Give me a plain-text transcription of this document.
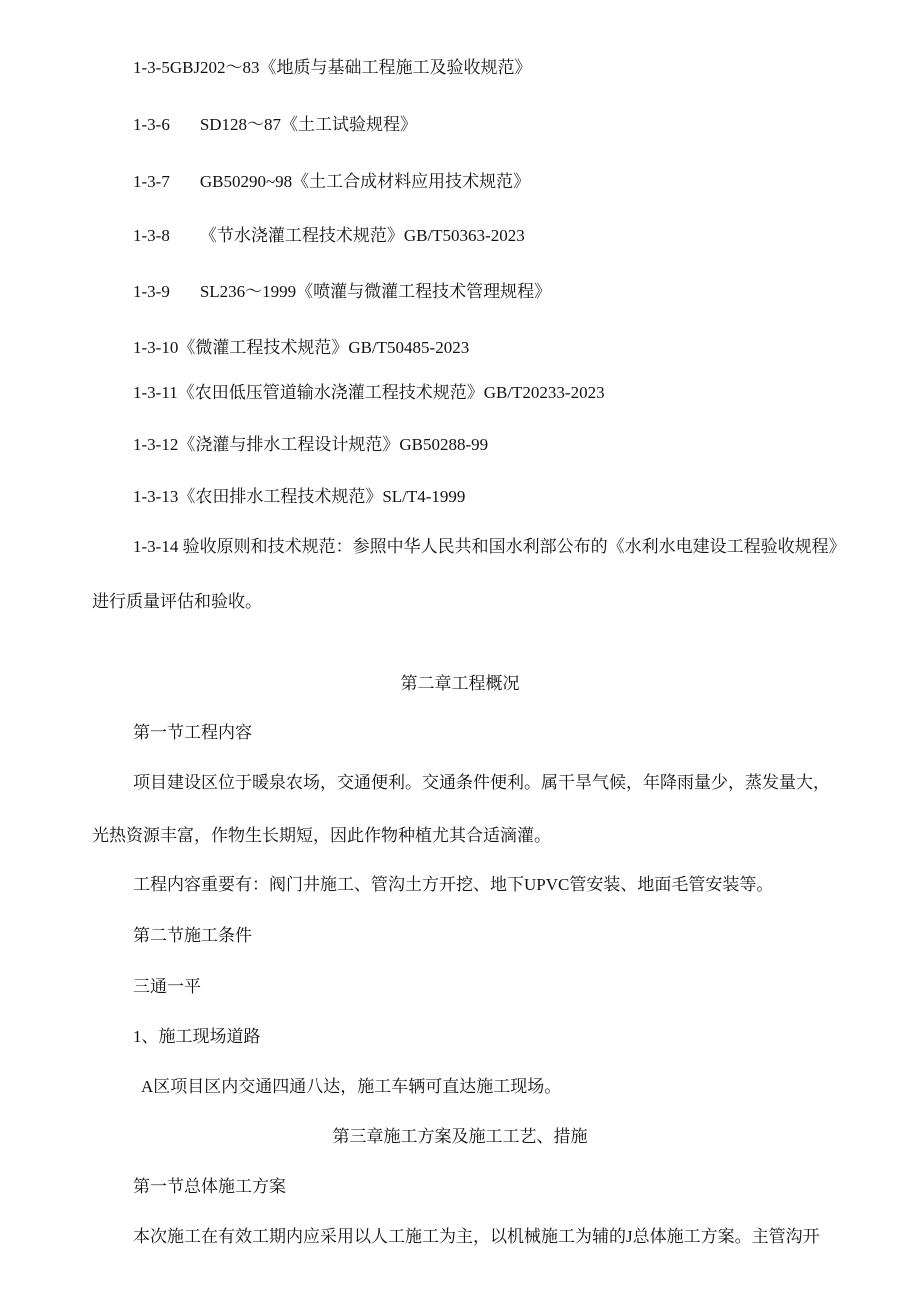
1-3-5GBJ202～83《地质与基础工程施工及验收规范》
1-3-6 SD128～87《土工试验规程》
1-3-7 GB50290~98《土工合成材料应用技术规范》
1-3-8 《节水浇灌工程技术规范》GB/T50363-2023
1-3-9 SL236～1999《喷灌与微灌工程技术管理规程》
1-3-10《微灌工程技术规范》GB/T50485-2023
1-3-11《农田低压管道输水浇灌工程技术规范》GB/T20233-2023
1-3-12《浇灌与排水工程设计规范》GB50288-99
1-3-13《农田排水工程技术规范》SL/T4-1999
1-3-14 验收原则和技术规范：参照中华人民共和国水利部公布的《水利水电建设工程验收规程》
进行质量评估和验收。
第二章工程概况
第一节工程内容
项目建设区位于暖泉农场，交通便利。交通条件便利。属干旱气候，年降雨量少，蒸发量大，
光热资源丰富，作物生长期短，因此作物种植尤其合适滴灌。
工程内容重要有：阀门井施工、管沟土方开挖、地下UPVC管安装、地面毛管安装等。
第二节施工条件
三通一平
1、施工现场道路
A区项目区内交通四通八达，施工车辆可直达施工现场。
第三章施工方案及施工工艺、措施
第一节总体施工方案
本次施工在有效工期内应采用以人工施工为主，以机械施工为辅的J总体施工方案。主管沟开
